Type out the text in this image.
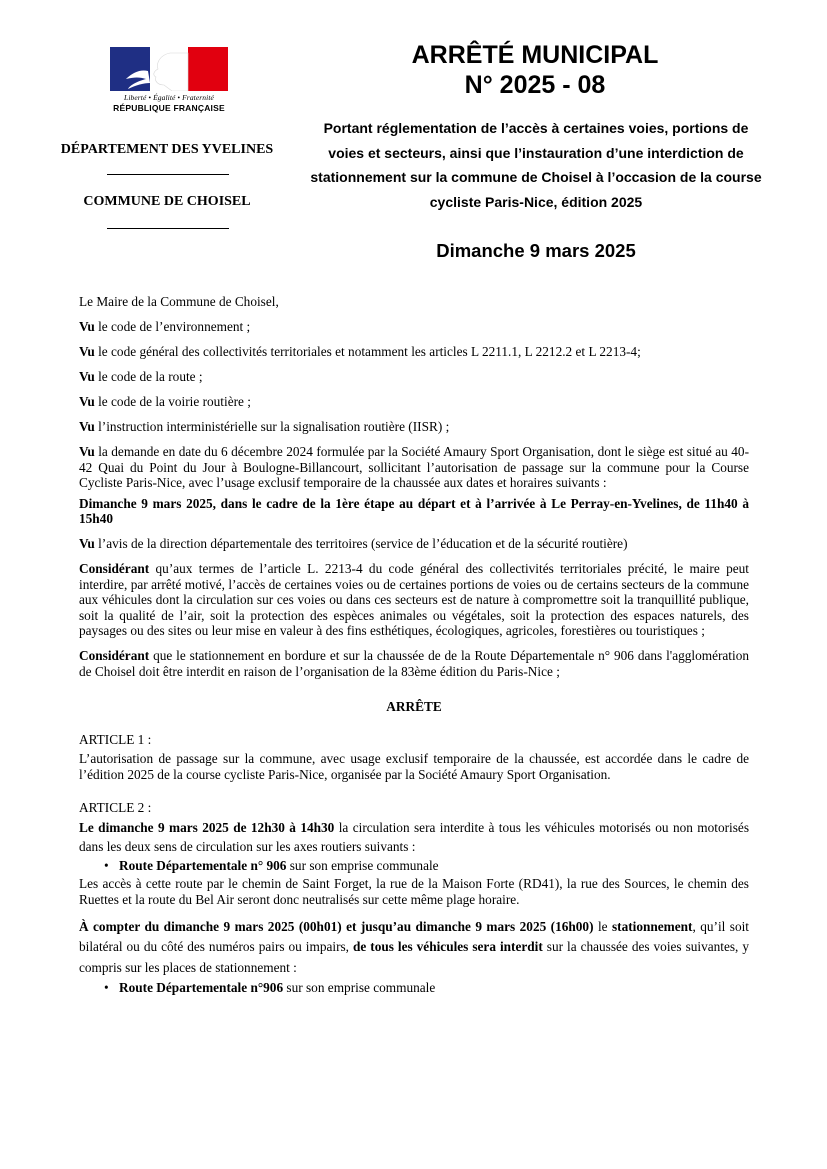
Liberté • Égalité • Fraternité
RÉPUBLIQUE FRANÇAISE
DÉPARTEMENT DES YVELINES
COMMUNE DE CHOISEL
ARRÊTÉ MUNICIPAL
N° 2025 - 08
Portant réglementation de l’accès à certaines voies, portions de voies et secteurs, ainsi que l’instauration d’une interdiction de stationnement sur la commune de Choisel à l’occasion de la course cycliste Paris-Nice, édition 2025
Dimanche 9 mars 2025

Le Maire de la Commune de Choisel,

Vu le code de l’environnement ;

Vu le code général des collectivités territoriales et notamment les articles L 2211.1, L 2212.2 et L 2213-4;

Vu le code de la route ;

Vu le code de la voirie routière ;

Vu l’instruction interministérielle sur la signalisation routière (IISR) ;

Vu la demande en date du 6 décembre 2024 formulée par la Société Amaury Sport Organisation, dont le siège est situé au 40-42 Quai du Point du Jour à Boulogne-Billancourt, sollicitant l’autorisation de passage sur la commune pour la Course Cycliste Paris-Nice, avec l’usage exclusif temporaire de la chaussée aux dates et horaires suivants :

Dimanche 9 mars 2025, dans le cadre de la 1ère étape au départ et à l’arrivée à Le Perray-en-Yvelines, de 11h40 à 15h40

Vu l’avis de la direction départementale des territoires (service de l’éducation et de la sécurité routière)

Considérant qu’aux termes de l’article L. 2213-4 du code général des collectivités territoriales précité, le maire peut interdire, par arrêté motivé, l’accès de certaines voies ou de certaines portions de voies ou de certains secteurs de la commune aux véhicules dont la circulation sur ces voies ou dans ces secteurs est de nature à compromettre soit la tranquillité publique, soit la qualité de l’air, soit la protection des espèces animales ou végétales, soit la protection des espaces naturels, des paysages ou des sites ou leur mise en valeur à des fins esthétiques, écologiques, agricoles, forestières ou touristiques ;

Considérant que le stationnement en bordure et sur la chaussée de de la Route Départementale n° 906 dans l'agglomération de Choisel doit être interdit en raison de l’organisation de la 83ème édition du Paris-Nice ;

ARRÊTE
ARTICLE 1 :

L’autorisation de passage sur la commune, avec usage exclusif temporaire de la chaussée, est accordée dans le cadre de l’édition 2025 de la course cycliste Paris-Nice, organisée par la Société Amaury Sport Organisation.

ARTICLE 2 :

Le dimanche 9 mars 2025 de 12h30 à 14h30 la circulation sera interdite à tous les véhicules motorisés ou non motorisés dans les deux sens de circulation sur les axes routiers suivants :

• Route Départementale n° 906 sur son emprise communale

Les accès à cette route par le chemin de Saint Forget, la rue de la Maison Forte (RD41), la rue des Sources, le chemin des Ruettes et la route du Bel Air seront donc neutralisés sur cette même plage horaire.

À compter du dimanche 9 mars 2025 (00h01) et jusqu’au dimanche 9 mars 2025 (16h00) le stationnement, qu’il soit bilatéral ou du côté des numéros pairs ou impairs, de tous les véhicules sera interdit sur la chaussée des voies suivantes, y compris sur les places de stationnement :

• Route Départementale n°906 sur son emprise communale
